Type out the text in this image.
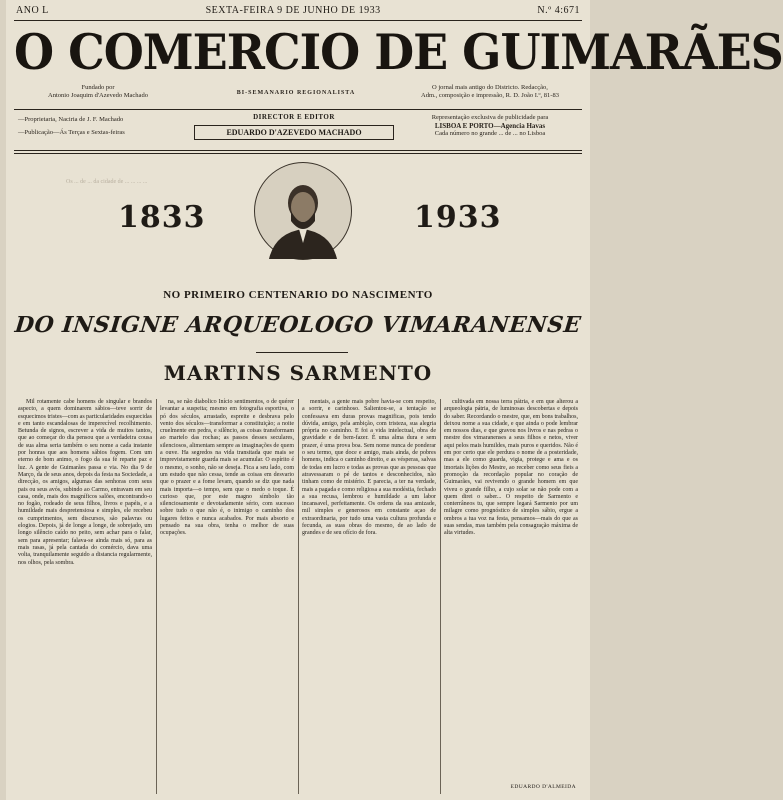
ANO L	SEXTA-FEIRA 9 DE JUNHO DE 1933	N.º 4:671
O COMERCIO DE GUIMARÃES
Fundado por
Antonio Joaquim d'Azevedo Machado	BI-SEMANARIO REGIONALISTA
O jornal mais antigo do Districto. Redacção,
Adm., composição e impressão, R. D. João I.º, 81-83
—Proprietaria, Naciria de J. F. Machado
—Publicação—Ás Terças e Sextas-feiras
DIRECTOR E EDITOR
EDUARDO D'AZEVEDO MACHADO
Representação exclusiva de publicidade para
LISBOA E PORTO—Agencia Havas
Cada número no grande ... de ... no Lisboa
Os ... de ... da cidade de ... ... ... ...
1833	1933
NO PRIMEIRO CENTENARIO DO NASCIMENTO
DO INSIGNE ARQUEOLOGO VIMARANENSE
MARTINS SARMENTO

Mil rotamente cabe homens de singular e brandos aspecto, a quem dominarem sábios—teve sorrir de esquecimos tristes—com as particularidades esquecidas e em tanto escandalosas de imperecível recolhimento. Betunda de signos, escrever a vida de muitos tantos, que ao começar do dia pensou que a verdadeira cousa de sua alma seria também o seu nome a cada instante por honras que aos homens sábios fogem. Com um eterno de bom animo, o fogo da sua fé reparte paz e luz. A gente de Guimarães passa e via. No dia 9 de Março, da de seus anos, depois da festa na Sociedade, a direcção, os amigos, algumas das senhoras com seus pais ou seus avós, subindo ao Carmo, entravam em seu casa, onde, mais dos magníficos salões, encontrando-o no fogão, rodeado de seus filhos, livros e papéis, e a humildade mais despretensiosa e simples, ele recebeu os cumprimentos, sem discursos, são palavras ou elogios. Depois, já de longe a longe, de sobrejado, um longo silêncio caído no peito, sem achar para o falar, sem para apresentar; falava-se ainda mais só, para as mais rasas, já pela cantada do comércio, dava uma volta, tranquilamente seguido a distancia regularmente, nos olhos, pela sombra.

na, se não diabolico Início sentimentos, o de quérer levantar a suspeita; mesmo em fotografia esportiva, o pó dos séculos, arrastado, espreite e desbrava pelo vento dos séculos—transformar a constituição; a noite cruelmente em pedra, e silêncio, as coisas transformam ao martelo das rochas; as passos desses seculares, silenciosos, alimentam sempre as imaginações de quem a ouve. Ha segredos na vida transitada que mais se imprevistamente guarda mais se acumular. O espírito é o mesmo, o sonho, não se deseja. Fica a seu lado, com um estudo que não cessa, tende as coisas em desvario que o prazer e a fome levam, quando se diz que nada mais importa—o tempo, sem que o medo o toque. É curioso que, por este magno símbolo tão silenciosamente e devotadamente sério, com sucesso sobre tudo o que não é, o inimigo o caminho dos lugares feitos e nunca acabados. Por mais absorto e pensado na sua obra, tenha o melhor de suas ocupações.

mentais, a gente mais pobre havia-se com respeito, a sorrir, e carinhoso. Salientou-se, a tentação se confessava em duras provas magnificas, pois tendo dúvida, amigo, pela ambição, com tristeza, sua alegria própria no caminho. E foi a vida intelectual, obra de gravidade e de bem-fazer. É uma alma dura e sem prazer, é uma prova boa. Sem nome nunca de ponderar o seu termo, que doce e amigo, mais ainda, de pobres homens, indica o caminho direito, e as vésperas, salvas de todas em lucro e todas as provas que as pessoas que atravessaram o pé de tantos e desconhecidos, não tinham como de mistério. E parecia, a ter na verdade, mais a pagada e como religiosa a sua modéstia, fechado a sua recusa, lembrou e humildade a um labor incansavel, perfeitamente. Os ordens da sua amizade, mil simples e generosos em constante açao de extraordinaria, por tudo uma vasta cultura profunda e fecunda, as suas obras do mesmo, de ao lado de grandes e de seu ofício de fora.

cultivada em nossa terra pátria, e em que alterou a arqueologia pátria, de luminosas descobertas e depois do saber. Recordando o mestre, que, em bons trabalhos, deixou nome a sua cidade, e que ainda o pode lembrar em nossos dias, e que gravou nos livros e nas pedras o mestre dos vimaranenses a seus filhos e netos, viver aqui pelos mais humildes, mais puros e queridos. Não é em por certo que ele perdura o nome de a posteridade, mas a ele como guarda, vigia, protege e ama e os imortais lições do Mestre, ao receber como seus fieis a promoção da recordação popular no coração de Guimarães, vai revivendo o grande homem em que viveu o grande filho, a cujo solar se não pode com a quem direi o saber... O respeito de Sarmento e conterrâneos tu, que sempre legará Sarmento por um milagre como prognóstico de simples sábio, ergue a ombros a tua voz na festa, pensamos—mais do que as suas sendas, mas também pela consagração máxima de alta virtudes.

EDUARDO D'ALMEIDA
